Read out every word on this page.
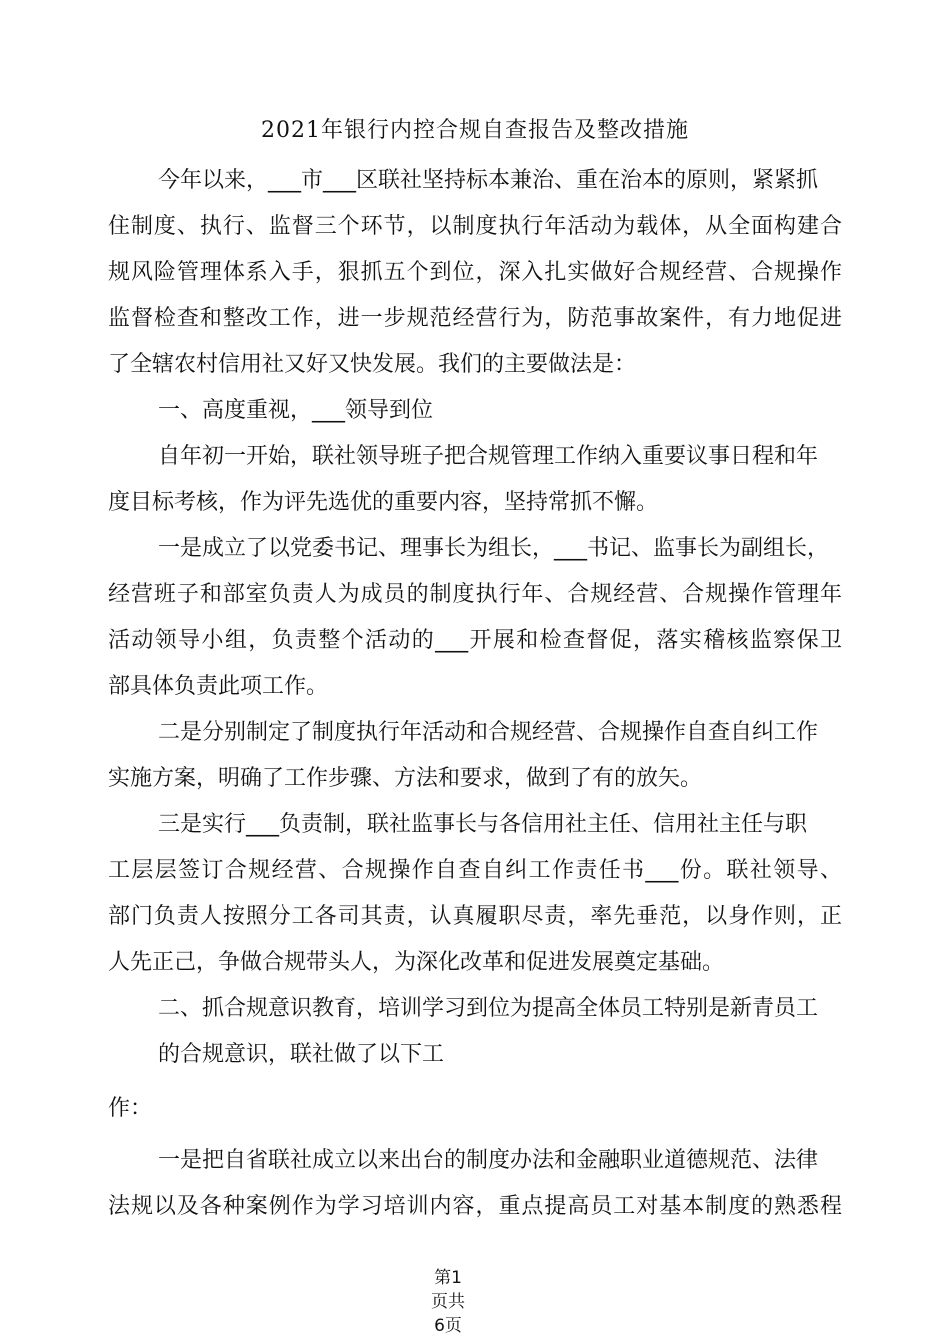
2021年银行内控合规自查报告及整改措施
今年以来，___市___区联社坚持标本兼治、重在治本的原则，紧紧抓
住制度、执行、监督三个环节，以制度执行年活动为载体，从全面构建合
规风险管理体系入手，狠抓五个到位，深入扎实做好合规经营、合规操作
监督检查和整改工作，进一步规范经营行为，防范事故案件，有力地促进
了全辖农村信用社又好又快发展。我们的主要做法是：
一、高度重视，___领导到位
自年初一开始，联社领导班子把合规管理工作纳入重要议事日程和年
度目标考核，作为评先选优的重要内容，坚持常抓不懈。
一是成立了以党委书记、理事长为组长，___书记、监事长为副组长，
经营班子和部室负责人为成员的制度执行年、合规经营、合规操作管理年
活动领导小组，负责整个活动的___开展和检查督促，落实稽核监察保卫
部具体负责此项工作。
二是分别制定了制度执行年活动和合规经营、合规操作自查自纠工作
实施方案，明确了工作步骤、方法和要求，做到了有的放矢。
三是实行___负责制，联社监事长与各信用社主任、信用社主任与职
工层层签订合规经营、合规操作自查自纠工作责任书___份。联社领导、
部门负责人按照分工各司其责，认真履职尽责，率先垂范，以身作则，正
人先正己，争做合规带头人，为深化改革和促进发展奠定基础。
二、抓合规意识教育，培训学习到位为提高全体员工特别是新青员工
的合规意识，联社做了以下工
作：
一是把自省联社成立以来出台的制度办法和金融职业道德规范、法律
法规以及各种案例作为学习培训内容，重点提高员工对基本制度的熟悉程
第1
页共
6页
